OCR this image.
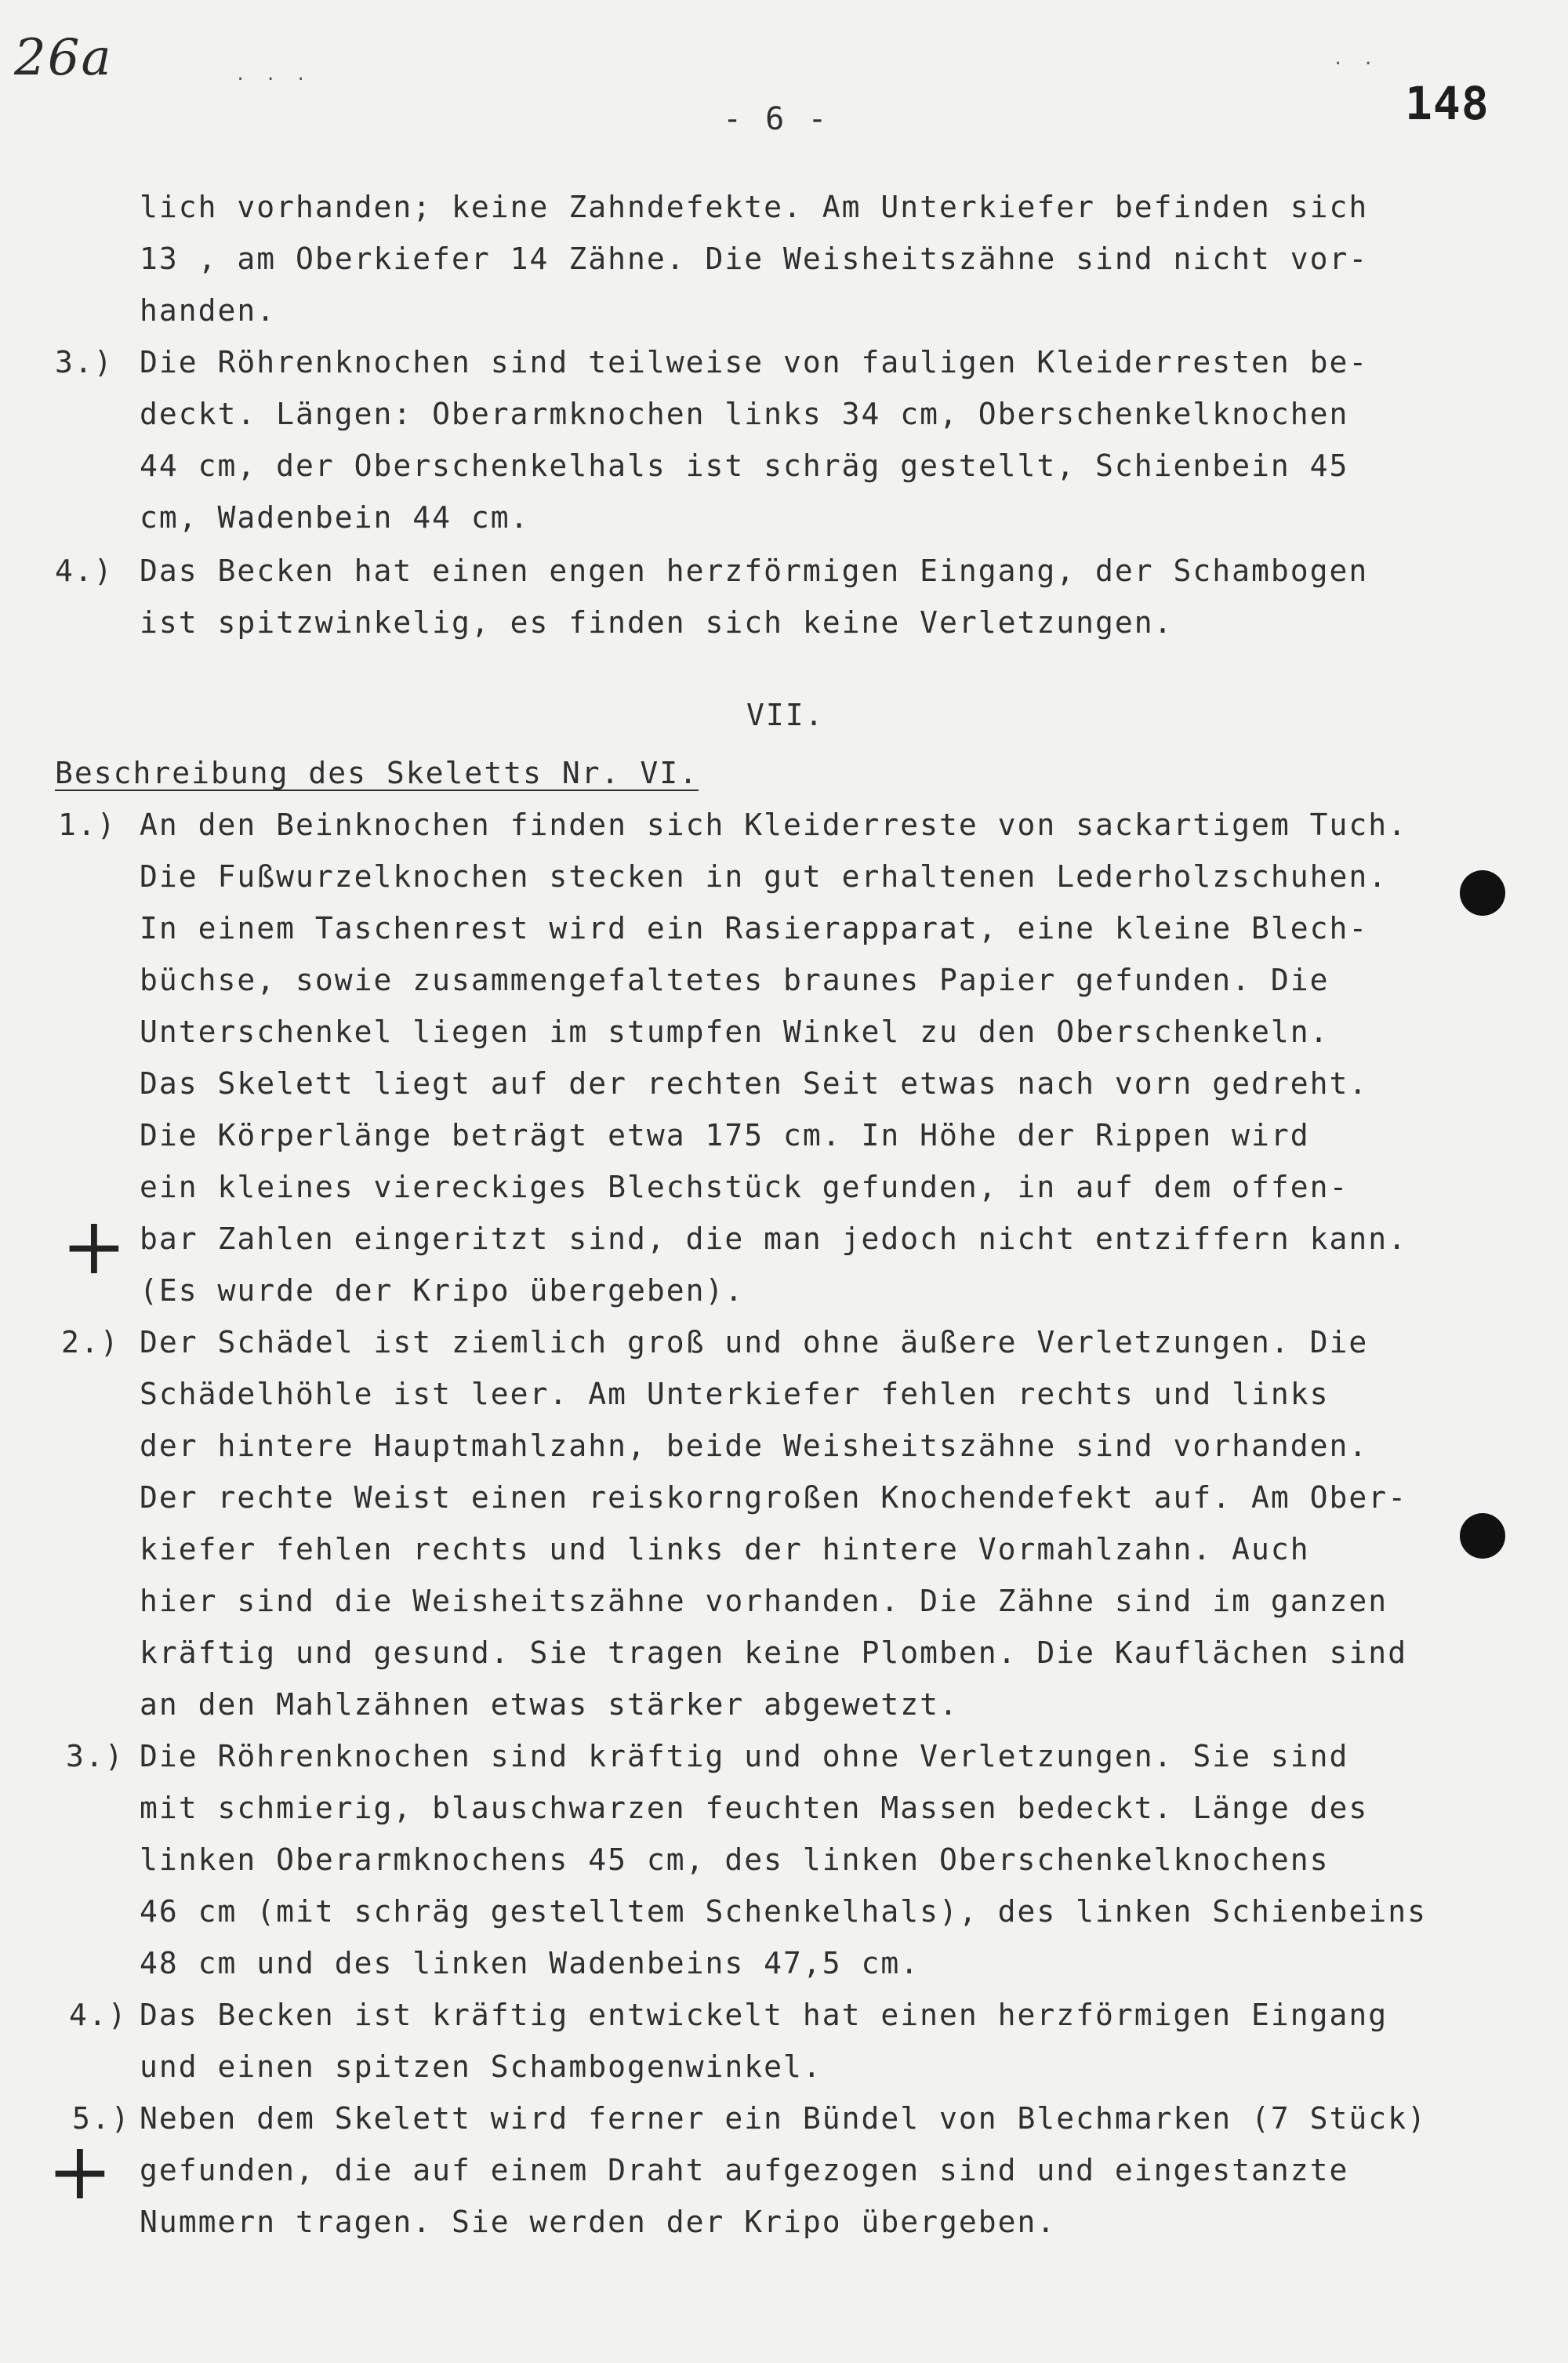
26a	· · ·
· ·
- 6 -	148
lich vorhanden; keine Zahndefekte. Am Unterkiefer befinden sich
13 , am Oberkiefer 14 Zähne. Die Weisheitszähne sind nicht vor-
handen.
3.) Die Röhrenknochen sind teilweise von fauligen Kleiderresten be-
deckt. Längen: Oberarmknochen links 34 cm, Oberschenkelknochen
44 cm, der Oberschenkelhals ist schräg gestellt, Schienbein 45
cm, Wadenbein 44 cm.
4.) Das Becken hat einen engen herzförmigen Eingang, der Schambogen
ist spitzwinkelig, es finden sich keine Verletzungen.
VII.
Beschreibung des Skeletts Nr. VI.
1.) An den Beinknochen finden sich Kleiderreste von sackartigem Tuch.
Die Fußwurzelknochen stecken in gut erhaltenen Lederholzschuhen.
In einem Taschenrest wird ein Rasierapparat, eine kleine Blech-
büchse, sowie zusammengefaltetes braunes Papier gefunden. Die
Unterschenkel liegen im stumpfen Winkel zu den Oberschenkeln.
Das Skelett liegt auf der rechten Seit etwas nach vorn gedreht.
Die Körperlänge beträgt etwa 175 cm. In Höhe der Rippen wird
ein kleines viereckiges Blechstück gefunden, in auf dem offen-
bar Zahlen eingeritzt sind, die man jedoch nicht entziffern kann.
(Es wurde der Kripo übergeben).
2.) Der Schädel ist ziemlich groß und ohne äußere Verletzungen. Die
Schädelhöhle ist leer. Am Unterkiefer fehlen rechts und links
der hintere Hauptmahlzahn, beide Weisheitszähne sind vorhanden.
Der rechte Weist einen reiskorngroßen Knochendefekt auf. Am Ober-
kiefer fehlen rechts und links der hintere Vormahlzahn. Auch
hier sind die Weisheitszähne vorhanden. Die Zähne sind im ganzen
kräftig und gesund. Sie tragen keine Plomben. Die Kauflächen sind
an den Mahlzähnen etwas stärker abgewetzt.
3.) Die Röhrenknochen sind kräftig und ohne Verletzungen. Sie sind
mit schmierig, blauschwarzen feuchten Massen bedeckt. Länge des
linken Oberarmknochens 45 cm, des linken Oberschenkelknochens
46 cm (mit schräg gestelltem Schenkelhals), des linken Schienbeins
48 cm und des linken Wadenbeins 47,5 cm.
4.) Das Becken ist kräftig entwickelt hat einen herzförmigen Eingang
und einen spitzen Schambogenwinkel.
5.) Neben dem Skelett wird ferner ein Bündel von Blechmarken (7 Stück)
gefunden, die auf einem Draht aufgezogen sind und eingestanzte
Nummern tragen. Sie werden der Kripo übergeben.
+
+
